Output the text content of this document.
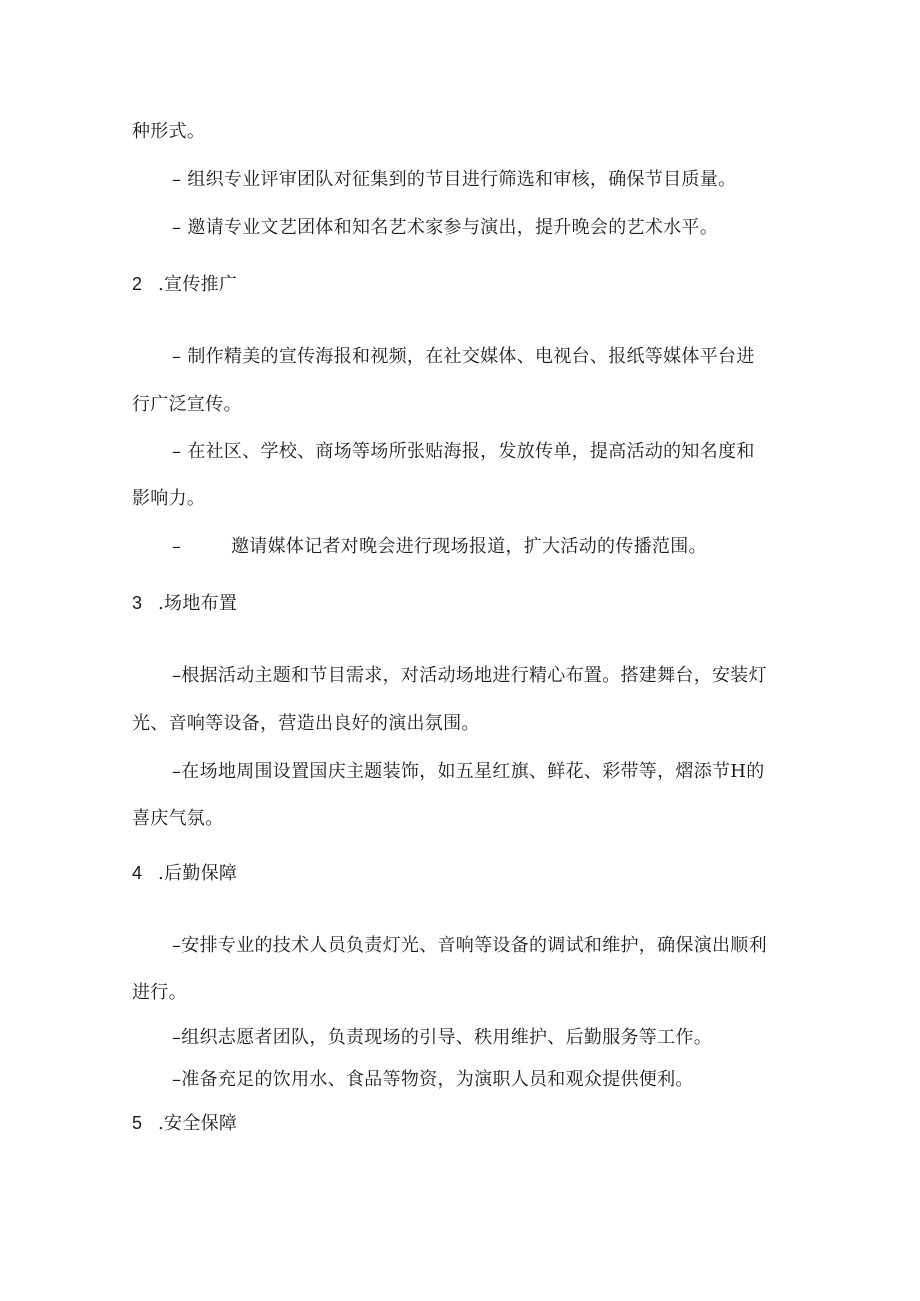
种形式。
– 组织专业评审团队对征集到的节目进行筛选和审核，确保节目质量。
– 邀请专业文艺团体和知名艺术家参与演出，提升晚会的艺术水平。
2 .宣传推广
– 制作精美的宣传海报和视频，在社交媒体、电视台、报纸等媒体平台进
行广泛宣传。
– 在社区、学校、商场等场所张贴海报，发放传单，提高活动的知名度和
影响力。
–	邀请媒体记者对晚会进行现场报道，扩大活动的传播范围。
3 .场地布置
–根据活动主题和节目需求，对活动场地进行精心布置。搭建舞台，安装灯
光、音响等设备，营造出良好的演出氛围。
–在场地周围设置国庆主题装饰，如五星红旗、鲜花、彩带等，熠添节H的
喜庆气氛。
4 .后勤保障
–安排专业的技术人员负责灯光、音响等设备的调试和维护，确保演出顺利
进行。
–组织志愿者团队，负责现场的引导、秩用维护、后勤服务等工作。
–准备充足的饮用水、食品等物资，为演职人员和观众提供便利。
5 .安全保障
